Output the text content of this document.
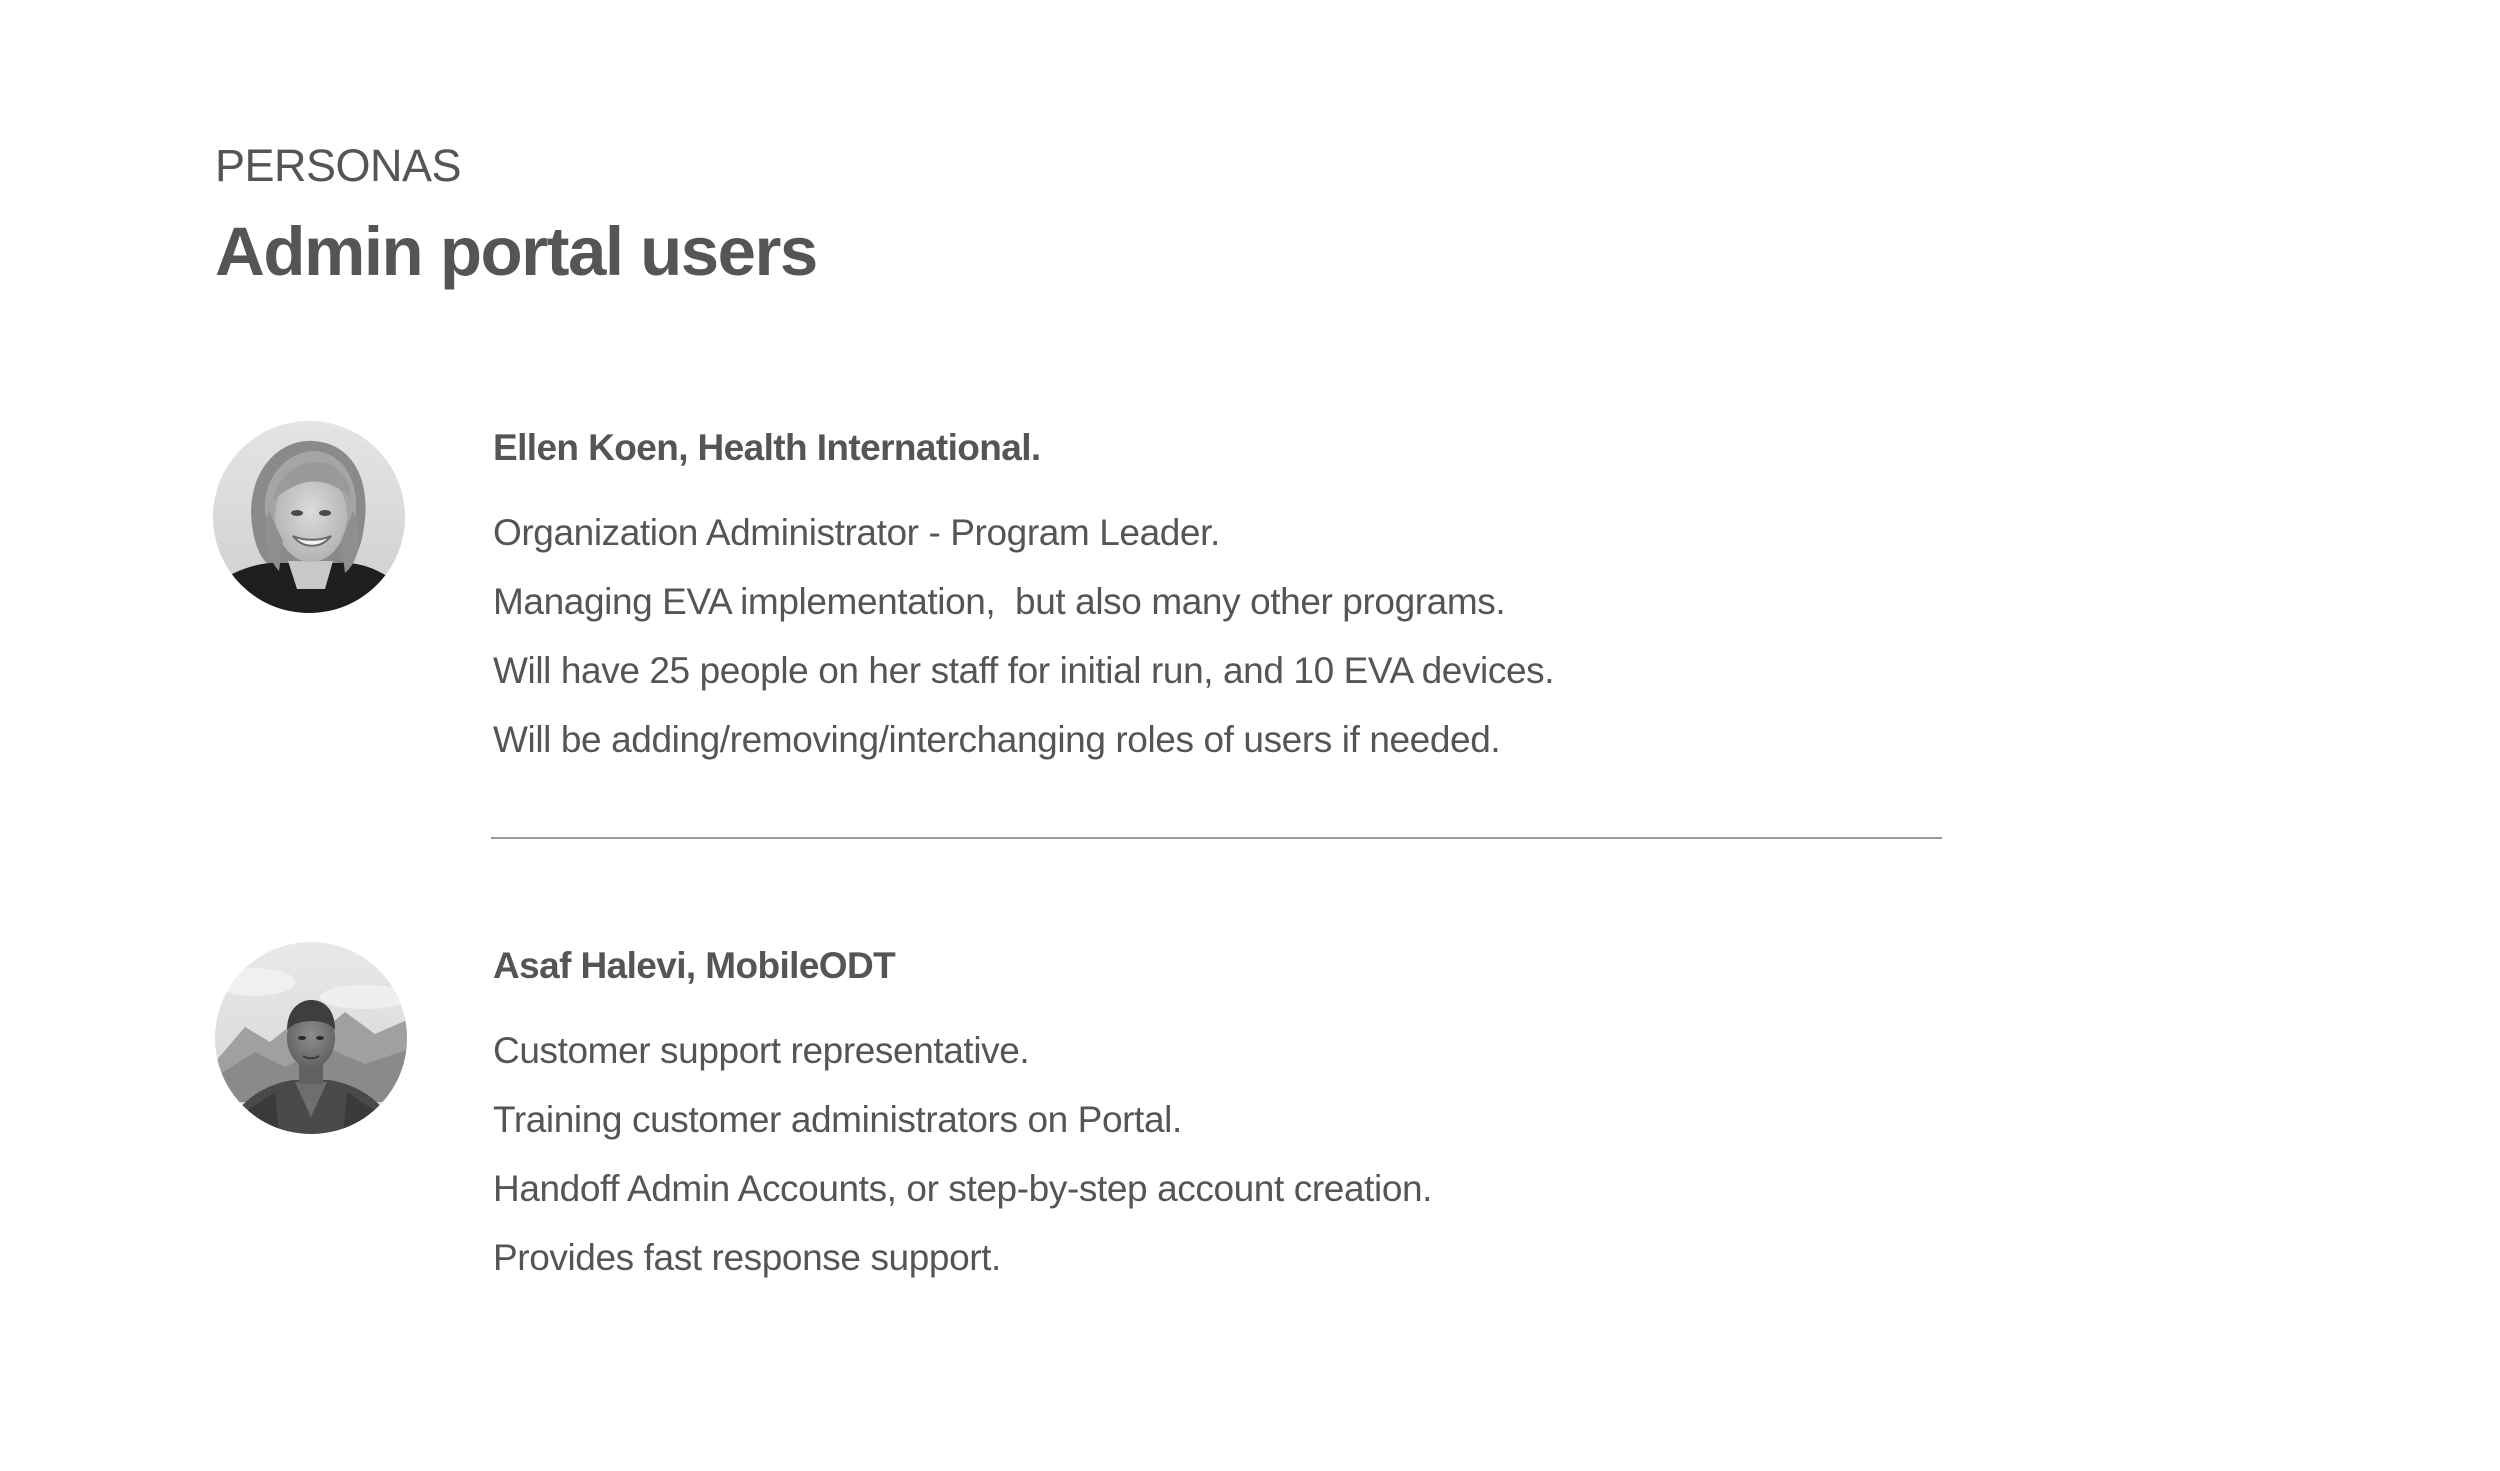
PERSONAS
Admin portal users
Ellen Koen, Health International.
Organization Administrator - Program Leader.
Managing EVA implementation,  but also many other programs.
Will have 25 people on her staff for initial run, and 10 EVA devices.
Will be adding/removing/interchanging roles of users if needed.
Asaf Halevi, MobileODT
Customer support representative.
Training customer administrators on Portal.
Handoff Admin Accounts, or step-by-step account creation.
Provides fast response support.
